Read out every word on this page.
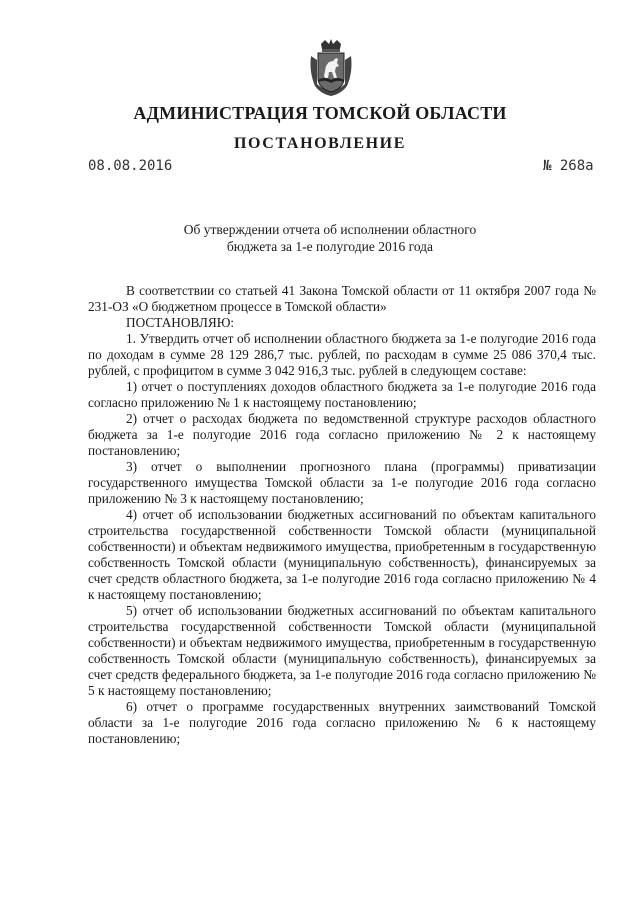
АДМИНИСТРАЦИЯ ТОМСКОЙ ОБЛАСТИ
ПОСТАНОВЛЕНИЕ
08.08.2016	№ 268а
Об утверждении отчета об исполнении областного
бюджета за 1-е полугодие 2016 года

В соответствии со статьей 41 Закона Томской области от 11 октября 2007 года № 231-ОЗ «О бюджетном процессе в Томской области»

ПОСТАНОВЛЯЮ:

1. Утвердить отчет об исполнении областного бюджета за 1-е полугодие 2016 года по доходам в сумме 28 129 286,7 тыс. рублей, по расходам в сумме 25 086 370,4 тыс. рублей, с профицитом в сумме 3 042 916,3 тыс. рублей в следующем составе:

1) отчет о поступлениях доходов областного бюджета за 1-е полугодие 2016 года согласно приложению № 1 к настоящему постановлению;

2) отчет о расходах бюджета по ведомственной структуре расходов областного бюджета за 1-е полугодие 2016 года согласно приложению № 2 к настоящему постановлению;

3) отчет о выполнении прогнозного плана (программы) приватизации государственного имущества Томской области за 1-е полугодие 2016 года согласно приложению № 3 к настоящему постановлению;

4) отчет об использовании бюджетных ассигнований по объектам капитального строительства государственной собственности Томской области (муниципальной собственности) и объектам недвижимого имущества, приобретенным в государственную собственность Томской области (муниципальную собственность), финансируемых за счет средств областного бюджета, за 1-е полугодие 2016 года согласно приложению № 4 к настоящему постановлению;

5) отчет об использовании бюджетных ассигнований по объектам капитального строительства государственной собственности Томской области (муниципальной собственности) и объектам недвижимого имущества, приобретенным в государственную собственность Томской области (муниципальную собственность), финансируемых за счет средств федерального бюджета, за 1-е полугодие 2016 года согласно приложению № 5 к настоящему постановлению;

6) отчет о программе государственных внутренних заимствований Томской области за 1-е полугодие 2016 года согласно приложению № 6 к настоящему постановлению;
